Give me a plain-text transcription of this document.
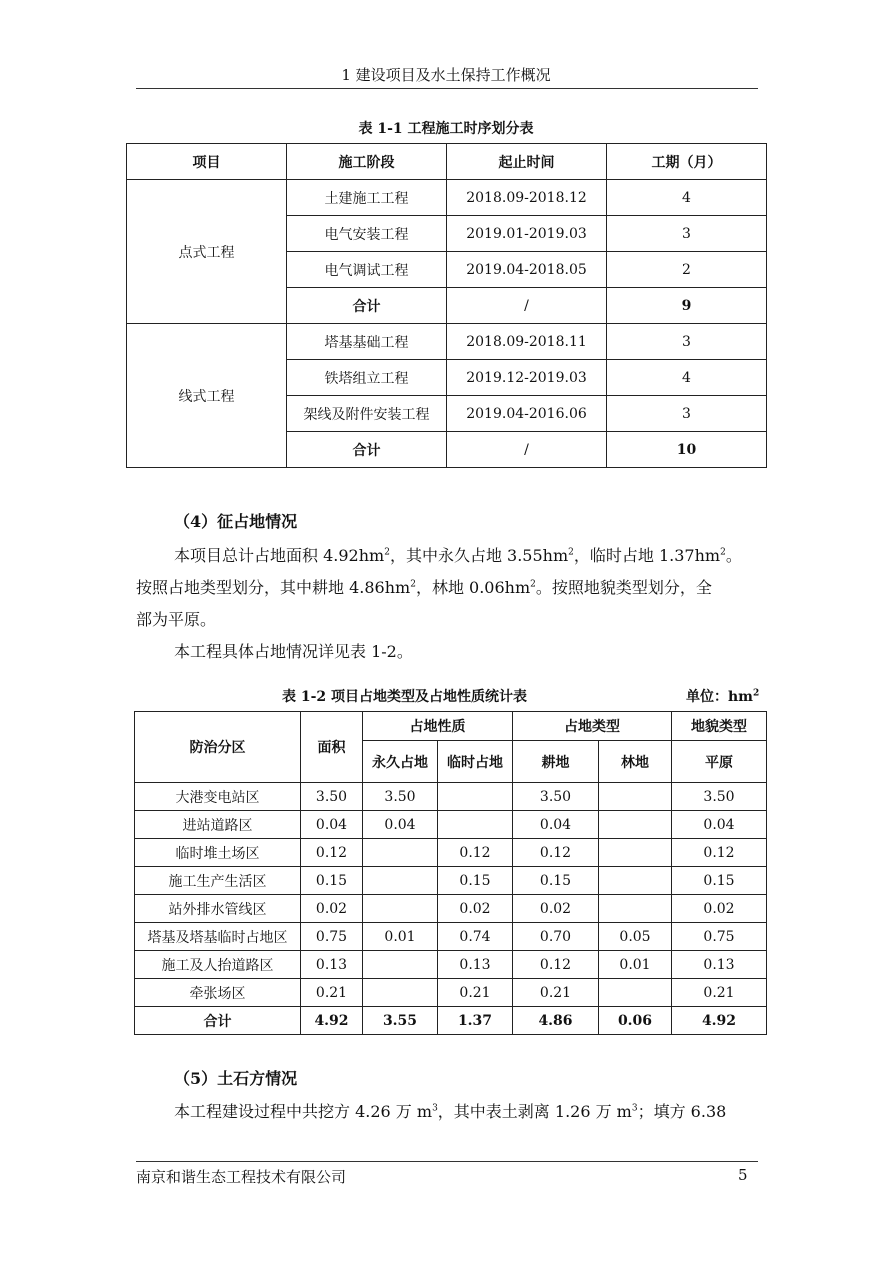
1 建设项目及水土保持工作概况
表 1-1 工程施工时序划分表
项目	施工阶段	起止时间	工期（月）
点式工程	土建施工工程	2018.09-2018.12	4
	电气安装工程	2019.01-2019.03	3
	电气调试工程	2019.04-2018.05	2
	合计	/	9
线式工程	塔基基础工程	2018.09-2018.11	3
	铁塔组立工程	2019.12-2019.03	4
	架线及附件安装工程	2019.04-2016.06	3
	合计	/	10
（4）征占地情况
本项目总计占地面积 $4.92hm^2$，其中永久占地 $3.55hm^2$，临时占地 $1.37hm^2$。
按照占地类型划分，其中耕地 $4.86hm^2$，林地 $0.06hm^2$。按照地貌类型划分，全
部为平原。
本工程具体占地情况详见表 1-2。
表 1-2 项目占地类型及占地性质统计表	单位：$hm^2$
防治分区	面积	占地性质		占地类型		地貌类型
		永久占地	临时占地	耕地	林地	平原
大港变电站区	3.50	3.50		3.50		3.50
进站道路区	0.04	0.04		0.04		0.04
临时堆土场区	0.12		0.12	0.12		0.12
施工生产生活区	0.15		0.15	0.15		0.15
站外排水管线区	0.02		0.02	0.02		0.02
塔基及塔基临时占地区	0.75	0.01	0.74	0.70	0.05	0.75
施工及人抬道路区	0.13		0.13	0.12	0.01	0.13
牵张场区	0.21		0.21	0.21		0.21
合计	4.92	3.55	1.37	4.86	0.06	4.92
（5）土石方情况
本工程建设过程中共挖方 4.26 万 $m^3$，其中表土剥离 1.26 万 $m^3$；填方 6.38
南京和谐生态工程技术有限公司	5
